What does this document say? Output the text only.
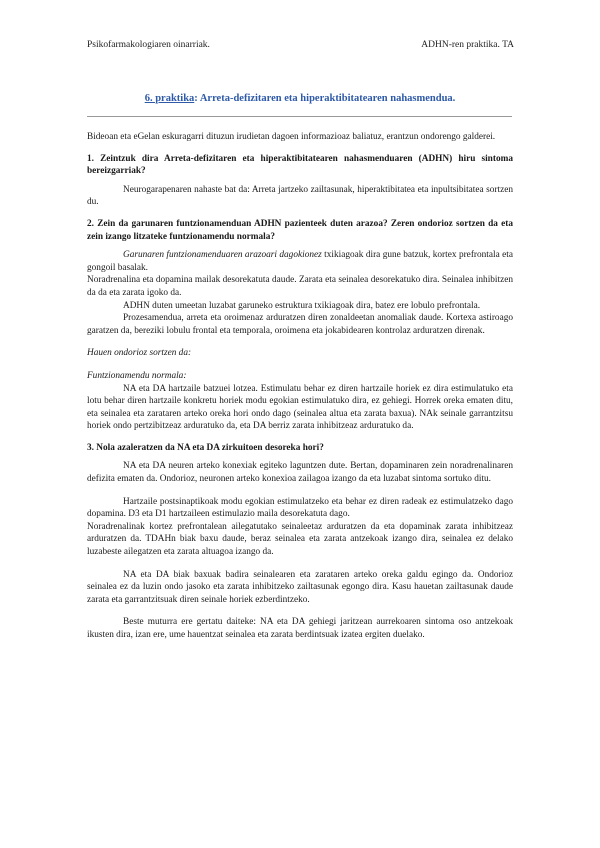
Psikofarmakologiaren oinarriak.	ADHN-ren praktika. TA
6. praktika: Arreta-defizitaren eta hiperaktibitatearen nahasmendua.

Bideoan eta eGelan eskuragarri dituzun irudietan dagoen informazioaz baliatuz, erantzun ondorengo galderei.

1. Zeintzuk dira Arreta-defizitaren eta hiperaktibitatearen nahasmenduaren (ADHN) hiru sintoma bereizgarriak?

Neurogarapenaren nahaste bat da: Arreta jartzeko zailtasunak, hiperaktibitatea eta inpultsibitatea sortzen du.

2. Zein da garunaren funtzionamenduan ADHN pazienteek duten arazoa? Zeren ondorioz sortzen da eta zein izango litzateke funtzionamendu normala?

Garunaren funtzionamenduaren arazoari dagokionez txikiagoak dira gune batzuk, kortex prefrontala eta gongoil basalak.

Noradrenalina eta dopamina mailak desorekatuta daude. Zarata eta seinalea desorekatuko dira. Seinalea inhibitzen da da eta zarata igoko da.

ADHN duten umeetan luzabat garuneko estruktura txikiagoak dira, batez ere lobulo prefrontala.

Prozesamendua, arreta eta oroimenaz arduratzen diren zonaldeetan anomaliak daude. Kortexa astiroago garatzen da, bereziki lobulu frontal eta temporala, oroimena eta jokabidearen kontrolaz arduratzen direnak.

Hauen ondorioz sortzen da:

Funtzionamendu normala:

NA eta DA hartzaile batzuei lotzea. Estimulatu behar ez diren hartzaile horiek ez dira estimulatuko eta lotu behar diren hartzaile konkretu horiek modu egokian estimulatuko dira, ez gehiegi. Horrek oreka ematen ditu, eta seinalea eta zarataren arteko oreka hori ondo dago (seinalea altua eta zarata baxua). NAk seinale garrantzitsu horiek ondo pertzibitzeaz arduratuko da, eta DA berriz zarata inhibitzeaz arduratuko da.

3. Nola azaleratzen da NA eta DA zirkuitoen desoreka hori?

NA eta DA neuren arteko konexiak egiteko laguntzen dute. Bertan, dopaminaren zein noradrenalinaren defizita ematen da. Ondorioz, neuronen arteko konexioa zailagoa izango da eta luzabat sintoma sortuko ditu.

Hartzaile postsinaptikoak modu egokian estimulatzeko eta behar ez diren radeak ez estimulatzeko dago dopamina. D3 eta D1 hartzaileen estimulazio maila desorekatuta dago.

Noradrenalinak kortez prefrontalean ailegatutako seinaleetaz arduratzen da eta dopaminak zarata inhibitzeaz arduratzen da. TDAHn biak baxu daude, beraz seinalea eta zarata antzekoak izango dira, seinalea ez delako luzabeste ailegatzen eta zarata altuagoa izango da.

NA eta DA biak baxuak badira seinalearen eta zarataren arteko oreka galdu egingo da. Ondorioz seinalea ez da luzin ondo jasoko eta zarata inhibitzeko zailtasunak egongo dira. Kasu hauetan zailtasunak daude zarata eta garrantzitsuak diren seinale horiek ezberdintzeko.

Beste muturra ere gertatu daiteke: NA eta DA gehiegi jaritzean aurrekoaren sintoma oso antzekoak ikusten dira, izan ere, ume hauentzat seinalea eta zarata berdintsuak izatea ergiten duelako.
